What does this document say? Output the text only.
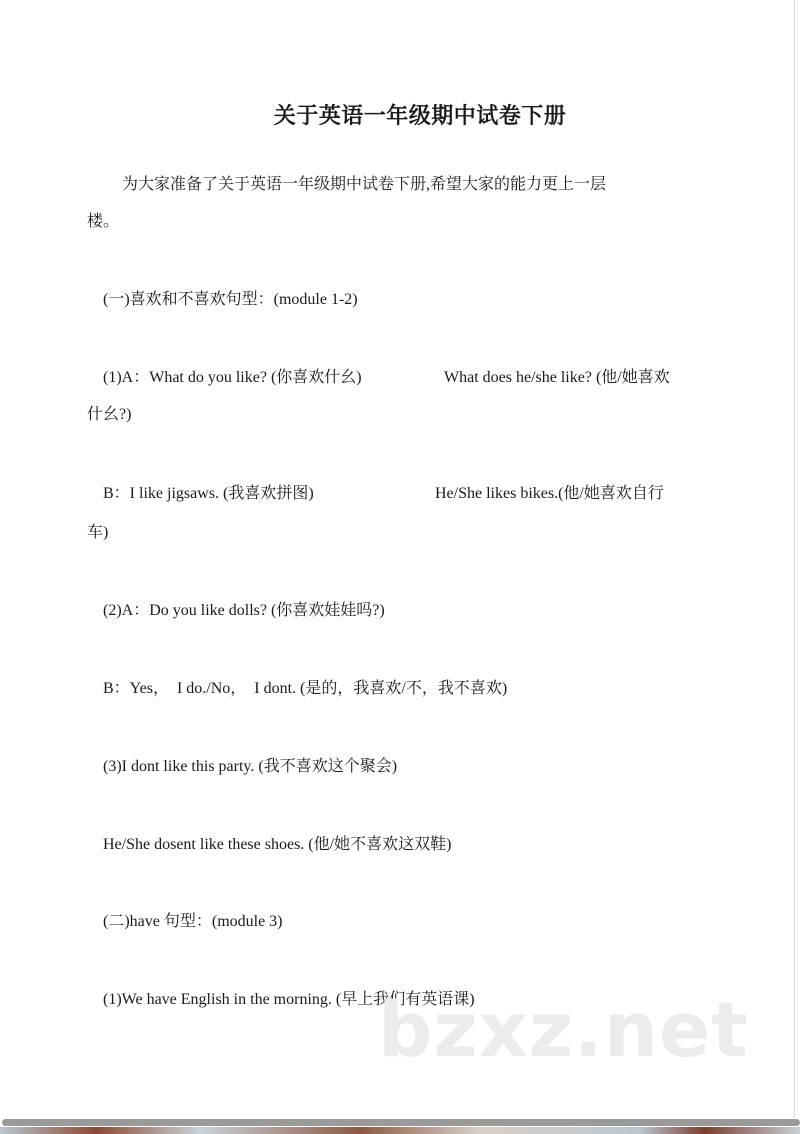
关于英语一年级期中试卷下册
为大家准备了关于英语一年级期中试卷下册,希望大家的能力更上一层
楼。
(一)喜欢和不喜欢句型：(module 1-2)
(1)A：What do you like? (你喜欢什幺)	What does he/she like? (他/她喜欢
什幺?)
B：I like jigsaws. (我喜欢拼图)	He/She likes bikes.(他/她喜欢自行
车)
(2)A：Do you like dolls? (你喜欢娃娃吗?)
B：Yes，  I do./No，  I dont. (是的，我喜欢/不，我不喜欢)
(3)I dont like this party. (我不喜欢这个聚会)
He/She dosent like these shoes. (他/她不喜欢这双鞋)
(二)have 句型：(module 3)
(1)We have English in the morning. (早上我们有英语课)
bzxz.net
